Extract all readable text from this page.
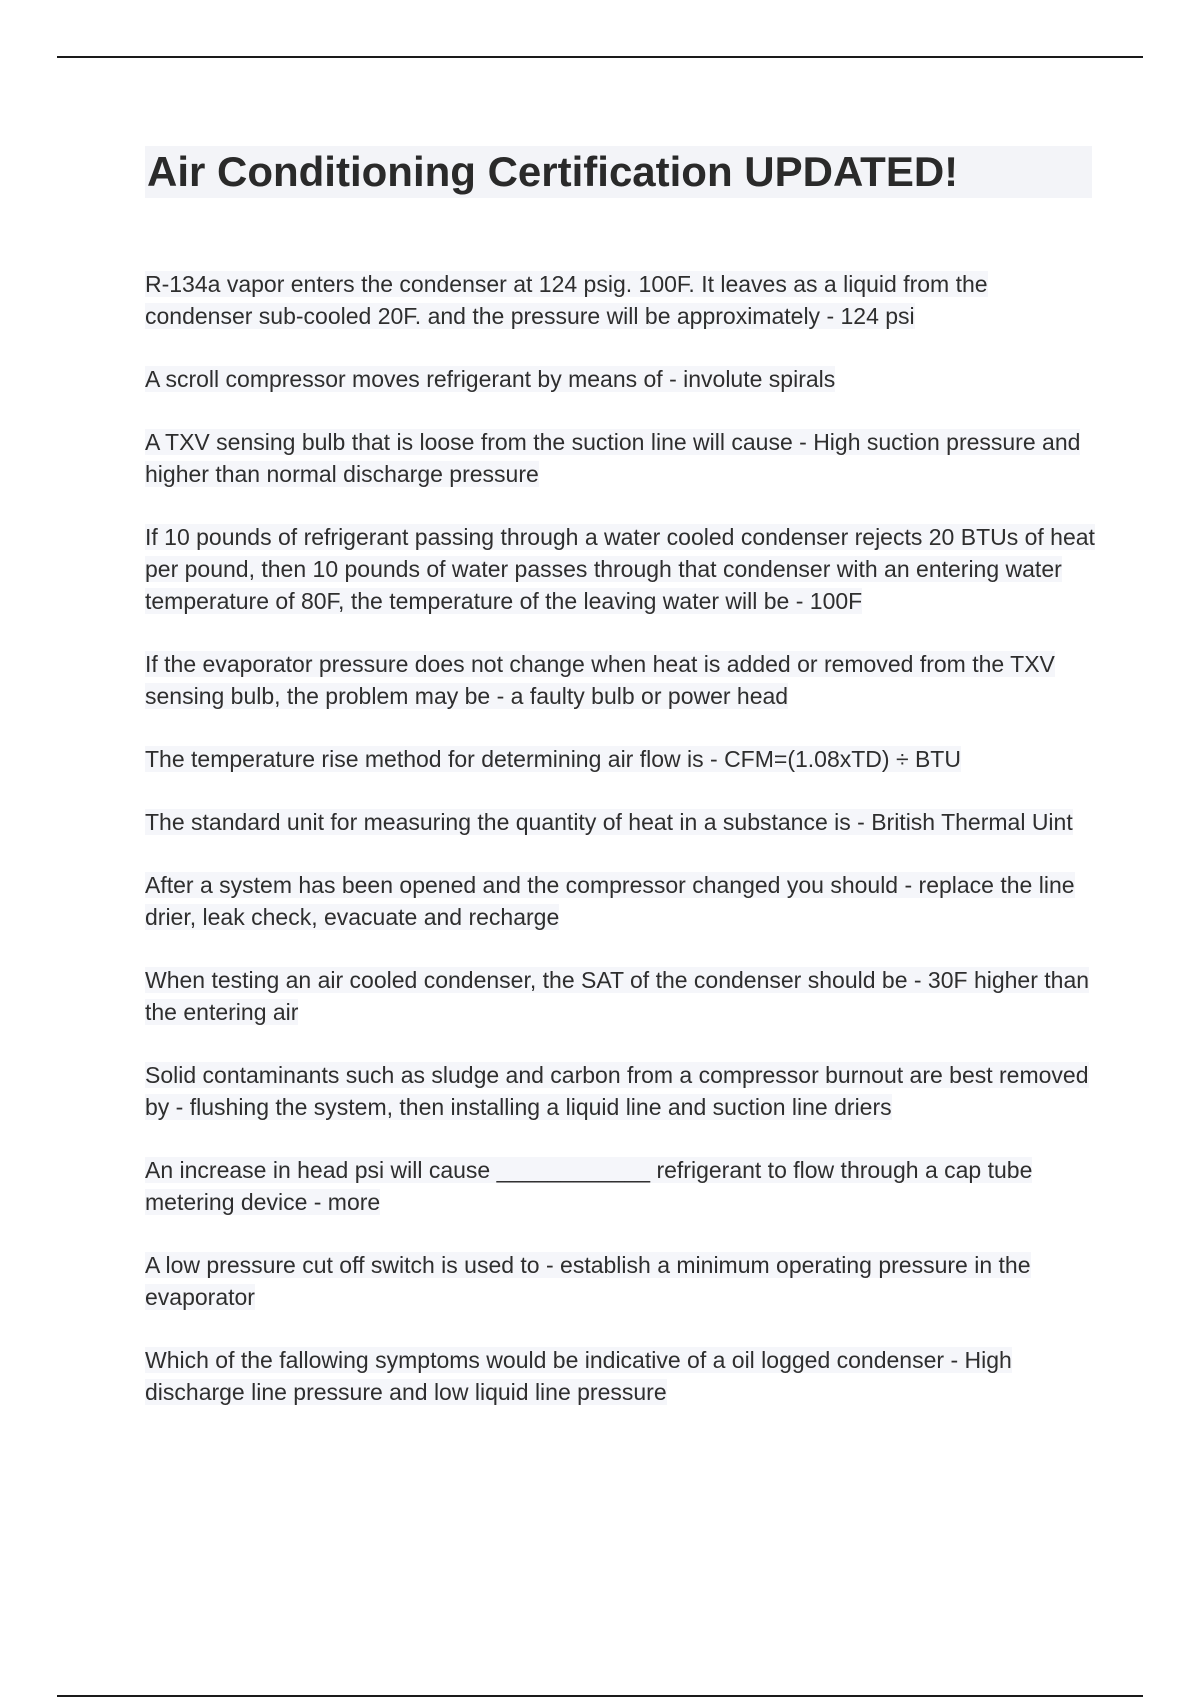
Air Conditioning Certification UPDATED!
R-134a vapor enters the condenser at 124 psig. 100F. It leaves as a liquid from the condenser sub-cooled 20F. and the pressure will be approximately - 124 psi
A scroll compressor moves refrigerant by means of - involute spirals
A TXV sensing bulb that is loose from the suction line will cause - High suction pressure and higher than normal discharge pressure
If 10 pounds of refrigerant passing through a water cooled condenser rejects 20 BTUs of heat per pound, then 10 pounds of water passes through that condenser with an entering water temperature of 80F, the temperature of the leaving water will be - 100F
If the evaporator pressure does not change when heat is added or removed from the TXV sensing bulb, the problem may be - a faulty bulb or power head
The temperature rise method for determining air flow is - CFM=(1.08xTD) ÷ BTU
The standard unit for measuring the quantity of heat in a substance is - British Thermal Uint
After a system has been opened and the compressor changed you should - replace the line drier, leak check, evacuate and recharge
When testing an air cooled condenser, the SAT of the condenser should be - 30F higher than the entering air
Solid contaminants such as sludge and carbon from a compressor burnout are best removed by - flushing the system, then installing a liquid line and suction line driers
An increase in head psi will cause ____________ refrigerant to flow through a cap tube metering device - more
A low pressure cut off switch is used to - establish a minimum operating pressure in the evaporator
Which of the fallowing symptoms would be indicative of a oil logged condenser - High discharge line pressure and low liquid line pressure
